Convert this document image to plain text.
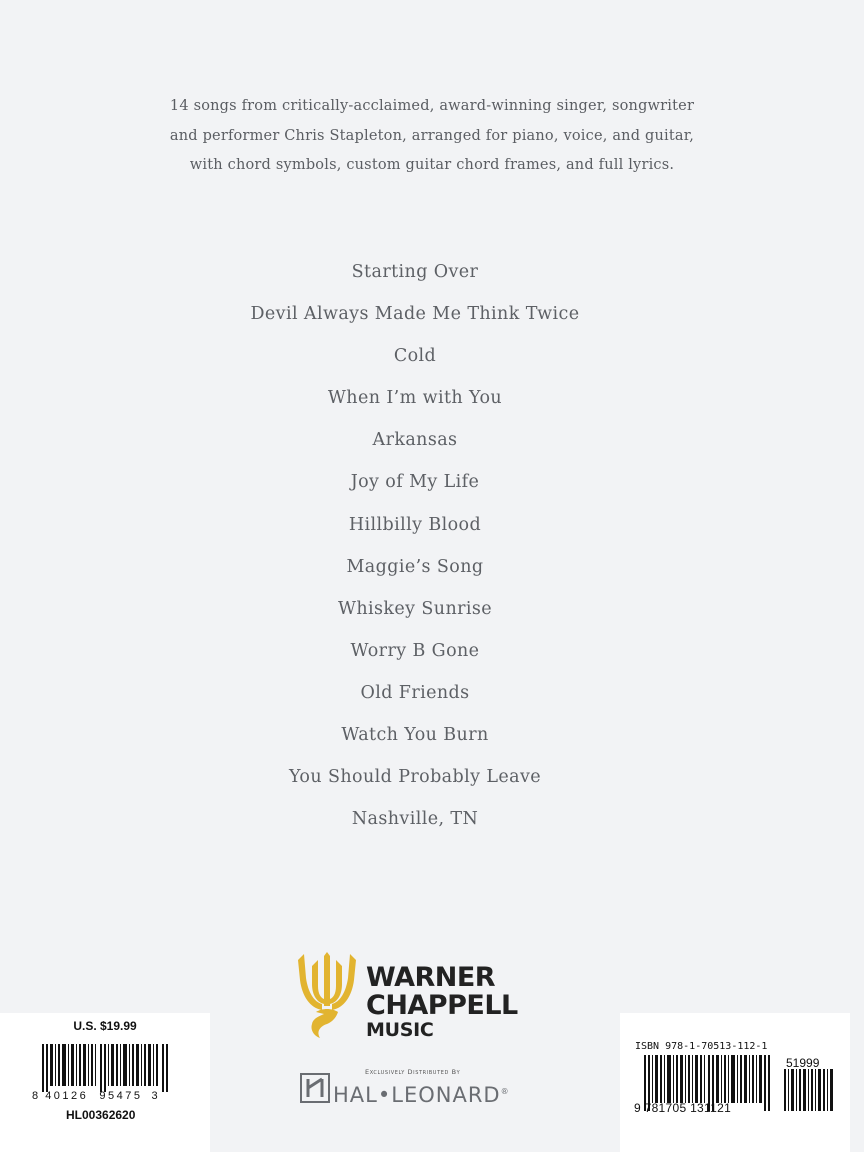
14 songs from critically-acclaimed, award-winning singer, songwriter
and performer Chris Stapleton, arranged for piano, voice, and guitar,
with chord symbols, custom guitar chord frames, and full lyrics.
Starting Over
Devil Always Made Me Think Twice
Cold
When I’m with You
Arkansas
Joy of My Life
Hillbilly Blood
Maggie’s Song
Whiskey Sunrise
Worry B Gone
Old Friends
Watch You Burn
You Should Probably Leave
Nashville, TN
WARNER
CHAPPELL
MUSIC
Exclusively Distributed By
HAL•LEONARD®
U.S. $19.99
8 40126 95475 3
HL00362620
ISBN 978-1-70513-112-1
51999
9 781705 131121
